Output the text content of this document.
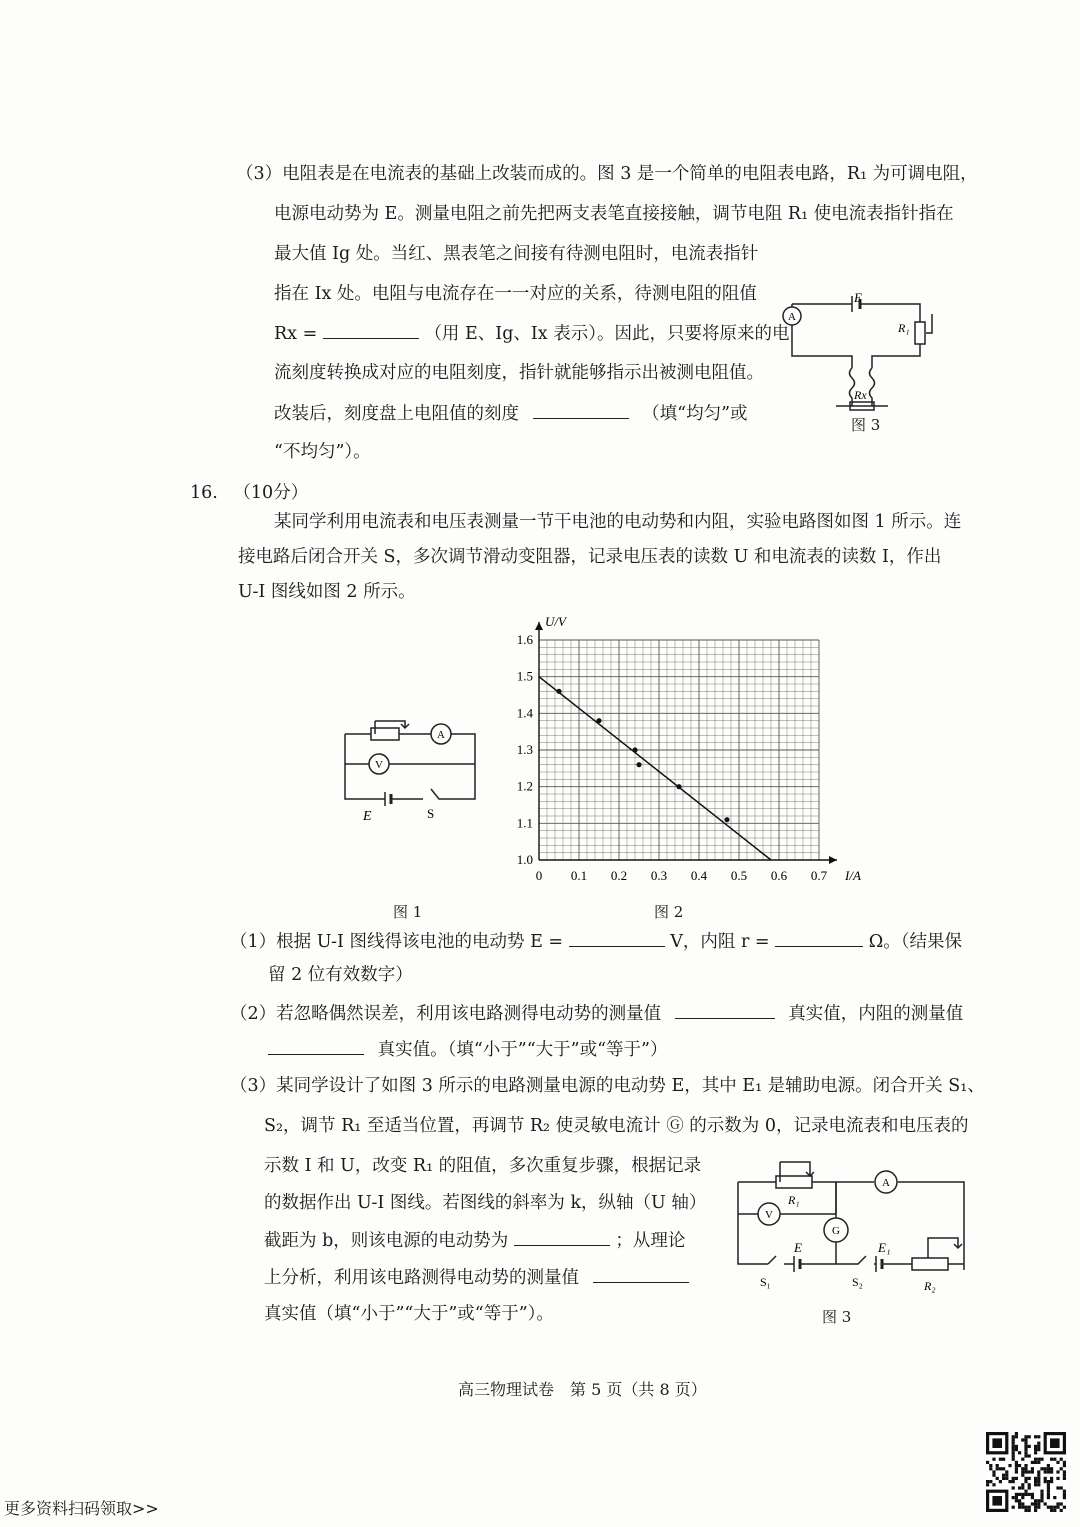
（3）电阻表是在电流表的基础上改装而成的。图 3 是一个简单的电阻表电路，R₁ 为可调电阻，
电源电动势为 E。测量电阻之前先把两支表笔直接接触，调节电阻 R₁ 使电流表指针指在
最大值 Ig 处。当红、黑表笔之间接有待测电阻时，电流表指针
指在 Ix 处。电阻与电流存在一一对应的关系，待测电阻的阻值
Rx =	（用 E、Ig、Ix 表示）。因此，只要将原来的电
流刻度转换成对应的电阻刻度，指针就能够指示出被测电阻值。
改装后，刻度盘上电阻值的刻度	（填“均匀”或
“不均匀”）。
A
E
R₁
Rx
图 3
16. （10分）
某同学利用电流表和电压表测量一节干电池的电动势和内阻，实验电路图如图 1 所示。连
接电路后闭合开关 S，多次调节滑动变阻器，记录电压表的读数 U 和电流表的读数 I，作出
U-I 图线如图 2 所示。
A
V
E	S
图 1
0 0.1 0.2 0.3 0.4 0.5 0.6 0.7
1.0
1.1
1.2
1.3
1.4
1.5
1.6
I/A
U/V
图 2
（1）根据 U-I 图线得该电池的电动势 E =	V，内阻 r =	Ω。（结果保
留 2 位有效数字）
（2）若忽略偶然误差，利用该电路测得电动势的测量值	真实值，内阻的测量值
真实值。（填“小于”“大于”或“等于”）
（3）某同学设计了如图 3 所示的电路测量电源的电动势 E，其中 E₁ 是辅助电源。闭合开关 S₁、
S₂，调节 R₁ 至适当位置，再调节 R₂ 使灵敏电流计 Ⓖ 的示数为 0，记录电流表和电压表的
示数 I 和 U，改变 R₁ 的阻值，多次重复步骤，根据记录
的数据作出 U-I 图线。若图线的斜率为 k，纵轴（U 轴）
截距为 b，则该电源的电动势为	；从理论
上分析，利用该电路测得电动势的测量值
真实值（填“小于”“大于”或“等于”）。
A
V
G
R₁
E	E₁
S₁	S₂	R₂
图 3
高三物理试卷　第 5 页（共 8 页）
更多资料扫码领取>>
